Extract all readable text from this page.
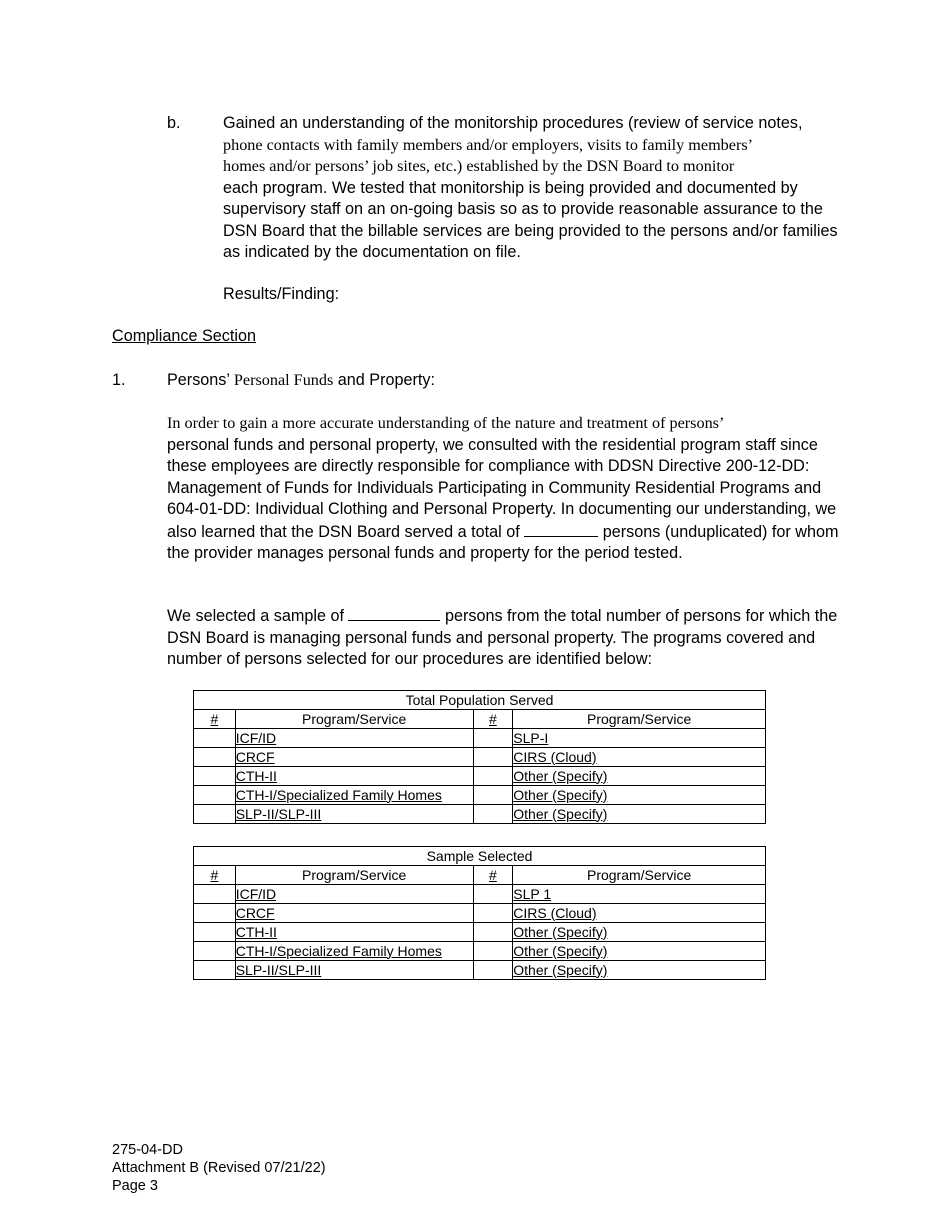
b.	Gained an understanding of the monitorship procedures (review of service notes,
phone contacts with family members and/or employers, visits to family members’
homes and/or persons’ job sites, etc.) established by the DSN Board to monitor
each program. We tested that monitorship is being provided and documented by supervisory staff on an on-going basis so as to provide reasonable assurance to the DSN Board that the billable services are being provided to the persons and/or families as indicated by the documentation on file.
Results/Finding:
Compliance Section
1.	Persons’ Personal Funds and Property:
In order to gain a more accurate understanding of the nature and treatment of persons’
personal funds and personal property, we consulted with the residential program staff since these employees are directly responsible for compliance with DDSN Directive 200-12-DD: Management of Funds for Individuals Participating in Community Residential Programs and 604-01-DD: Individual Clothing and Personal Property. In documenting our understanding, we also learned that the DSN Board served a total of	persons (unduplicated) for whom the provider manages personal funds and property for the period tested.
We selected a sample of	persons from the total number of persons for which the DSN Board is managing personal funds and personal property. The programs covered and number of persons selected for our procedures are identified below:
Total Population Served			
#	Program/Service	#	Program/Service
	ICF/ID		SLP-I
	CRCF		CIRS (Cloud)
	CTH-II		Other (Specify)
	CTH-I/Specialized Family Homes		Other (Specify)
	SLP-II/SLP-III		Other (Specify)
Sample Selected			
#	Program/Service	#	Program/Service
	ICF/ID		SLP 1
	CRCF		CIRS (Cloud)
	CTH-II		Other (Specify)
	CTH-I/Specialized Family Homes		Other (Specify)
	SLP-II/SLP-III		Other (Specify)
275-04-DD
Attachment B (Revised 07/21/22)
Page 3
